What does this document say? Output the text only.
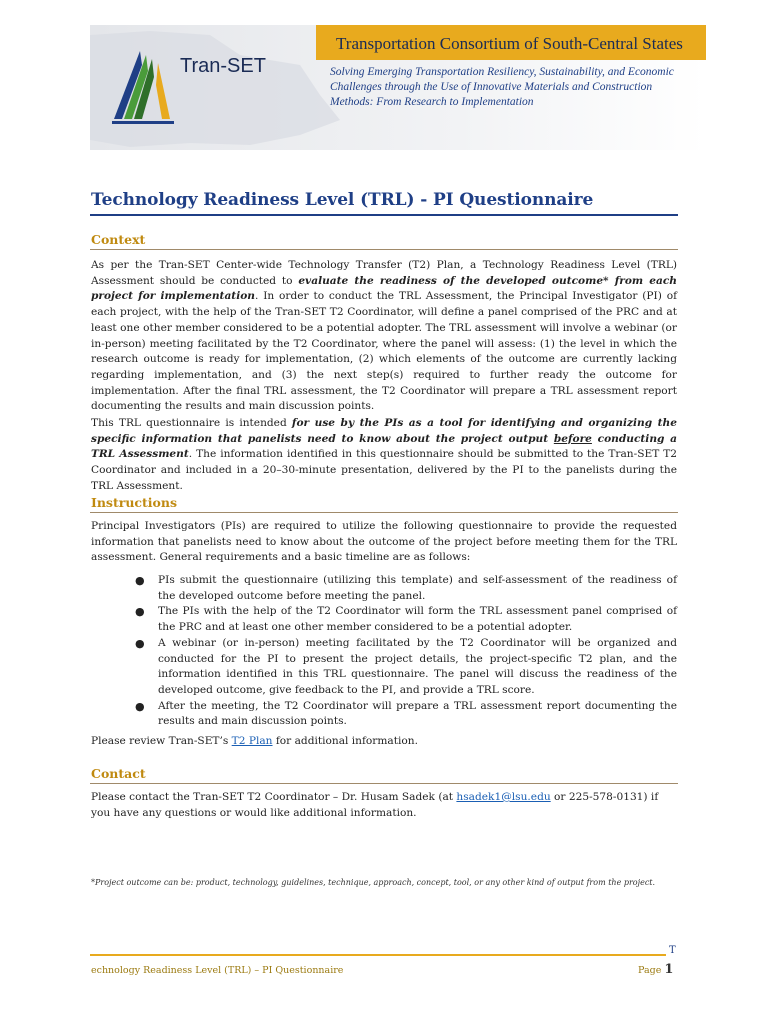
Transportation Consortium of South-Central States
Solving Emerging Transportation Resiliency, Sustainability, and Economic
Challenges through the Use of Innovative Materials and Construction
Methods: From Research to Implementation
Tran-SET
Technology Readiness Level (TRL) - PI Questionnaire
Context
As per the Tran-SET Center-wide Technology Transfer (T2) Plan, a Technology Readiness Level (TRL) Assessment should be conducted to evaluate the readiness of the developed outcome* from each project for implementation. In order to conduct the TRL Assessment, the Principal Investigator (PI) of each project, with the help of the Tran-SET T2 Coordinator, will define a panel comprised of the PRC and at least one other member considered to be a potential adopter. The TRL assessment will involve a webinar (or in-person) meeting facilitated by the T2 Coordinator, where the panel will assess: (1) the level in which the research outcome is ready for implementation, (2) which elements of the outcome are currently lacking regarding implementation, and (3) the next step(s) required to further ready the outcome for implementation. After the final TRL assessment, the T2 Coordinator will prepare a TRL assessment report documenting the results and main discussion points.
This TRL questionnaire is intended for use by the PIs as a tool for identifying and organizing the specific information that panelists need to know about the project output before conducting a TRL Assessment. The information identified in this questionnaire should be submitted to the Tran-SET T2 Coordinator and included in a 20–30-minute presentation, delivered by the PI to the panelists during the TRL Assessment.
Instructions
Principal Investigators (PIs) are required to utilize the following questionnaire to provide the requested information that panelists need to know about the outcome of the project before meeting them for the TRL assessment. General requirements and a basic timeline are as follows:
● PIs submit the questionnaire (utilizing this template) and self-assessment of the readiness of the developed outcome before meeting the panel.
● The PIs with the help of the T2 Coordinator will form the TRL assessment panel comprised of the PRC and at least one other member considered to be a potential adopter.
● A webinar (or in-person) meeting facilitated by the T2 Coordinator will be organized and conducted for the PI to present the project details, the project-specific T2 plan, and the information identified in this TRL questionnaire. The panel will discuss the readiness of the developed outcome, give feedback to the PI, and provide a TRL score.
● After the meeting, the T2 Coordinator will prepare a TRL assessment report documenting the results and main discussion points.
Please review Tran-SET’s T2 Plan for additional information.
Contact
Please contact the Tran-SET T2 Coordinator – Dr. Husam Sadek (at hsadek1@lsu.edu or 225-578-0131) if you have any questions or would like additional information.
*Project outcome can be: product, technology, guidelines, technique, approach, concept, tool, or any other kind of output from the project.
T
echnology Readiness Level (TRL) – PI Questionnaire	Page 1
